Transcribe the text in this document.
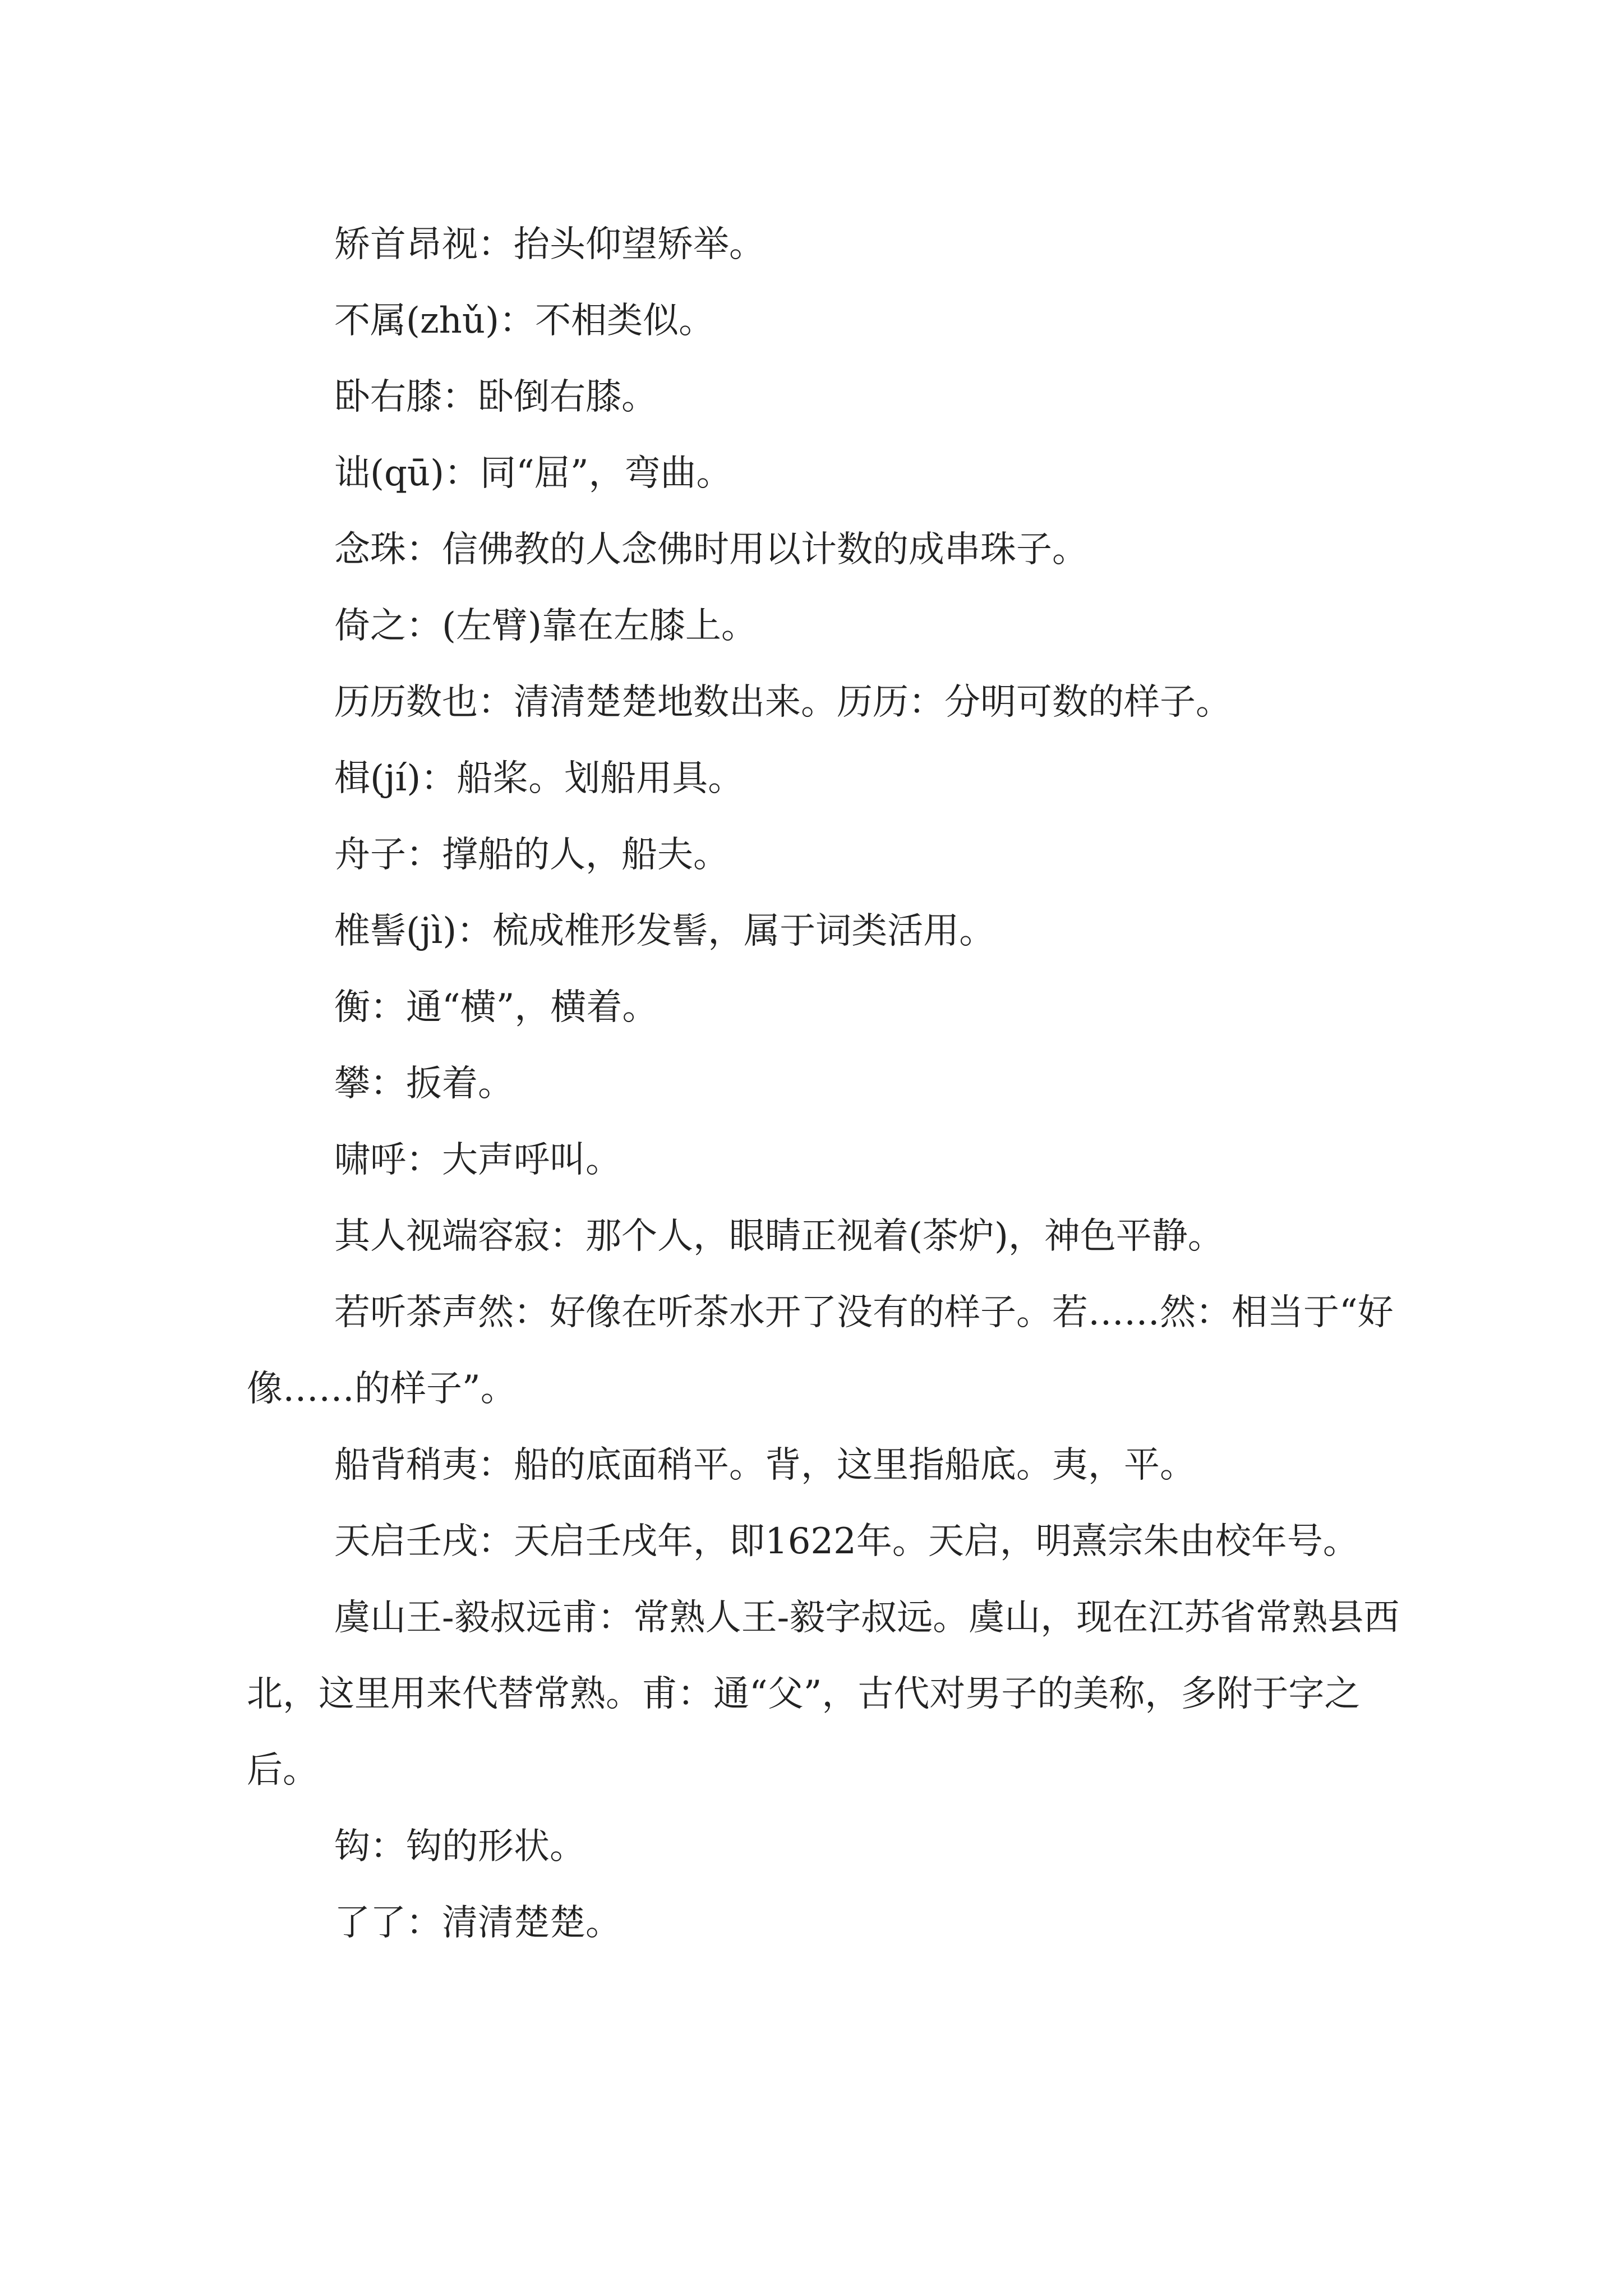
矫首昂视：抬头仰望矫举。

不属(zhǔ)：不相类似。

卧右膝：卧倒右膝。

诎(qū)：同“屈”，弯曲。

念珠：信佛教的人念佛时用以计数的成串珠子。

倚之：(左臂)靠在左膝上。

历历数也：清清楚楚地数出来。历历：分明可数的样子。

楫(jí)：船桨。划船用具。

舟子：撑船的人，船夫。

椎髻(jì)：梳成椎形发髻，属于词类活用。

衡：通“横”，横着。

攀：扳着。

啸呼：大声呼叫。

其人视端容寂：那个人，眼睛正视着(茶炉)，神色平静。

若听茶声然：好像在听茶水开了没有的样子。若……然：相当于“好像……的样子”。

船背稍夷：船的底面稍平。背，这里指船底。夷，平。

天启壬戌：天启壬戌年，即1622年。天启，明熹宗朱由校年号。

虞山王-毅叔远甫：常熟人王-毅字叔远。虞山，现在江苏省常熟县西北，这里用来代替常熟。甫：通“父”，古代对男子的美称，多附于字之后。

钩：钩的形状。

了了：清清楚楚。
